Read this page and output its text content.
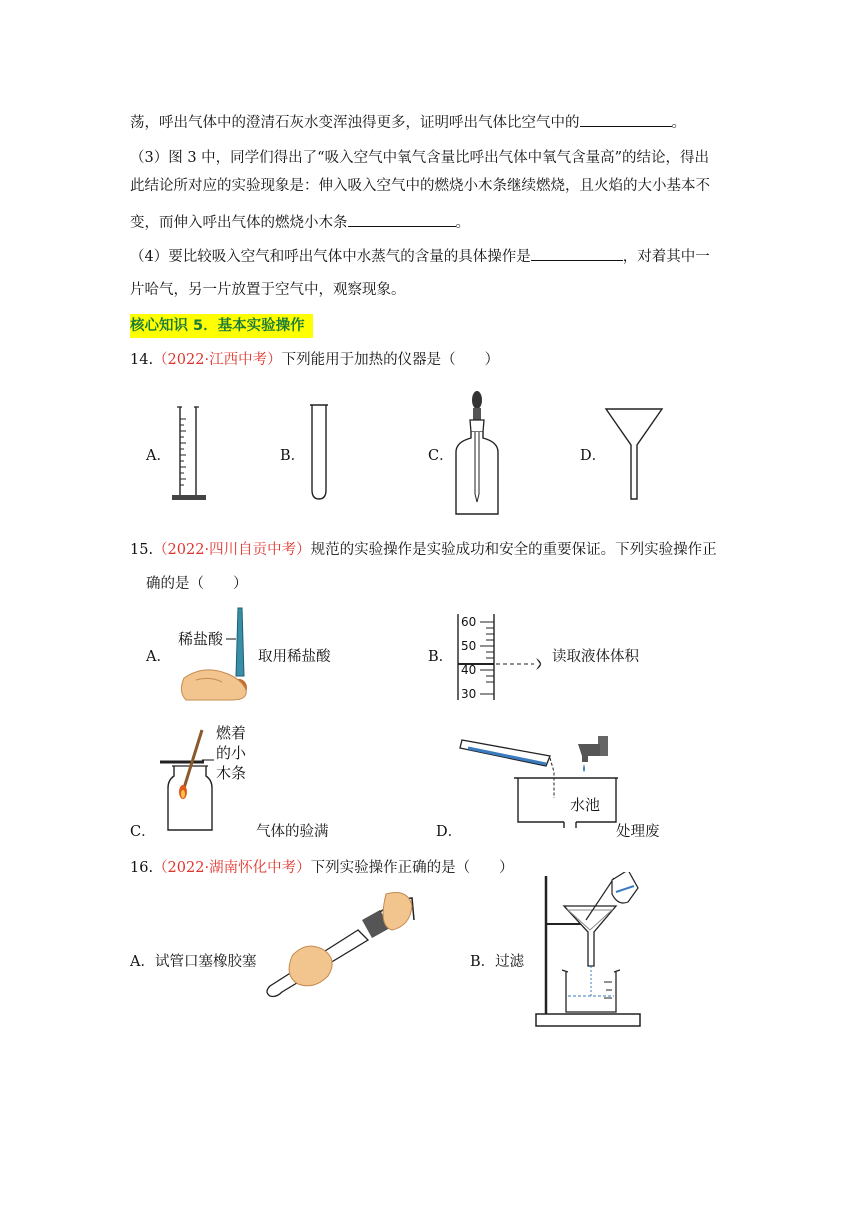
荡，呼出气体中的澄清石灰水变浑浊得更多，证明呼出气体比空气中的	。
（3）图 3 中，同学们得出了“吸入空气中氧气含量比呼出气体中氧气含量高”的结论，得出
此结论所对应的实验现象是：伸入吸入空气中的燃烧小木条继续燃烧，且火焰的大小基本不
变，而伸入呼出气体的燃烧小木条	。
（4）要比较吸入空气和呼出气体中水蒸气的含量的具体操作是	，对着其中一
片哈气，另一片放置于空气中，观察现象。
核心知识 5．基本实验操作
14.（2022·江西中考）下列能用于加热的仪器是（　　）
A．	B．	C．	D．
15.（2022·四川自贡中考）规范的实验操作是实验成功和安全的重要保证。下列实验操作正
确的是（　　）
A．
稀盐酸
取用稀盐酸	B．
60
50
40
30
读取液体体积
C．
燃着
的小
木条
气体的验满	D．
水池
处理废
16.（2022·湖南怀化中考）下列实验操作正确的是（　　）
A．试管口塞橡胶塞	B．过滤
